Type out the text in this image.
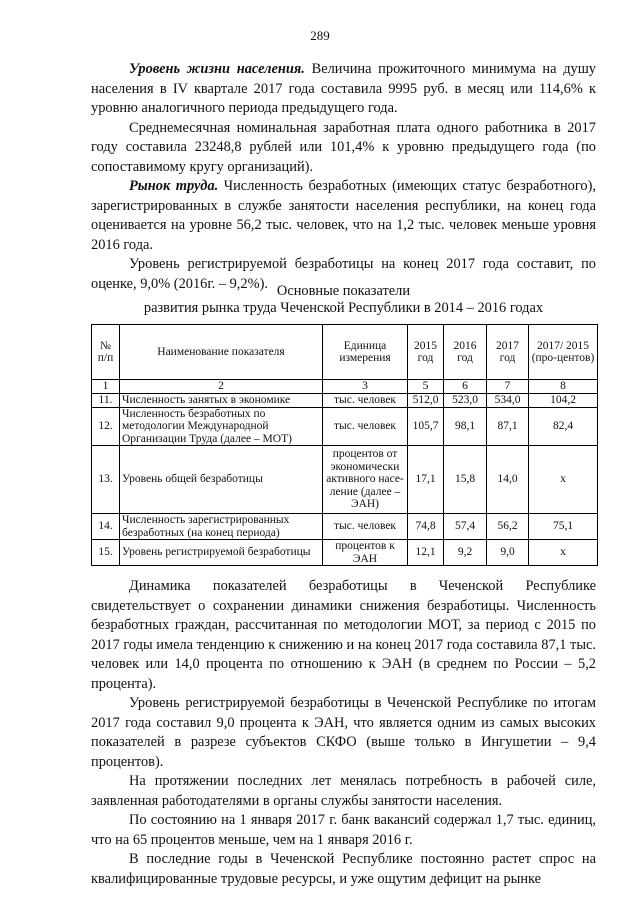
289

Уровень жизни населения. Величина прожиточного минимума на душу населения в IV квартале 2017 года составила 9995 руб. в месяц или 114,6% к уровню аналогичного периода предыдущего года.

Среднемесячная номинальная заработная плата одного работника в 2017 году составила 23248,8 рублей или 101,4% к уровню предыдущего года (по сопоставимому кругу организаций).

Рынок труда. Численность безработных (имеющих статус безработного), зарегистрированных в службе занятости населения республики, на конец года оценивается на уровне 56,2 тыс. человек, что на 1,2 тыс. человек меньше уровня 2016 года.

Уровень регистрируемой безработицы на конец 2017 года составит, по оценке, 9,0% (2016г. – 9,2%). Основные показатели
развития рынка труда Чеченской Республики в 2014 – 2016 годах
№ п/п	Наименование показателя	Единица измерения	2015 год	2016 год	2017 год	2017/ 2015 (про-центов)
1	2	3	5	6	7	8
11.	Численность занятых в экономике	тыс. человек	512,0	523,0	534,0	104,2
12.	Численность безработных по методологии Международной Организации Труда (далее – МОТ)	тыс. человек	105,7	98,1	87,1	82,4
13.	Уровень общей безработицы	процентов от экономически активного насе-ление (далее – ЭАН)	17,1	15,8	14,0	х
14.	Численность зарегистрированных безработных (на конец периода)	тыс. человек	74,8	57,4	56,2	75,1
15.	Уровень регистрируемой безработицы	процентов к ЭАН	12,1	9,2	9,0	х

Динамика показателей безработицы в Чеченской Республике свидетельствует о сохранении динамики снижения безработицы. Численность безработных граждан, рассчитанная по методологии МОТ, за период с 2015 по 2017 годы имела тенденцию к снижению и на конец 2017 года составила 87,1 тыс. человек или 14,0 процента по отношению к ЭАН (в среднем по России – 5,2 процента).

Уровень регистрируемой безработицы в Чеченской Республике по итогам 2017 года составил 9,0 процента к ЭАН, что является одним из самых высоких показателей в разрезе субъектов СКФО (выше только в Ингушетии – 9,4 процентов).

На протяжении последних лет менялась потребность в рабочей силе, заявленная работодателями в органы службы занятости населения.

По состоянию на 1 января 2017 г. банк вакансий содержал 1,7 тыс. единиц, что на 65 процентов меньше, чем на 1 января 2016 г.

В последние годы в Чеченской Республике постоянно растет спрос на квалифицированные трудовые ресурсы, и уже ощутим дефицит на рынке
